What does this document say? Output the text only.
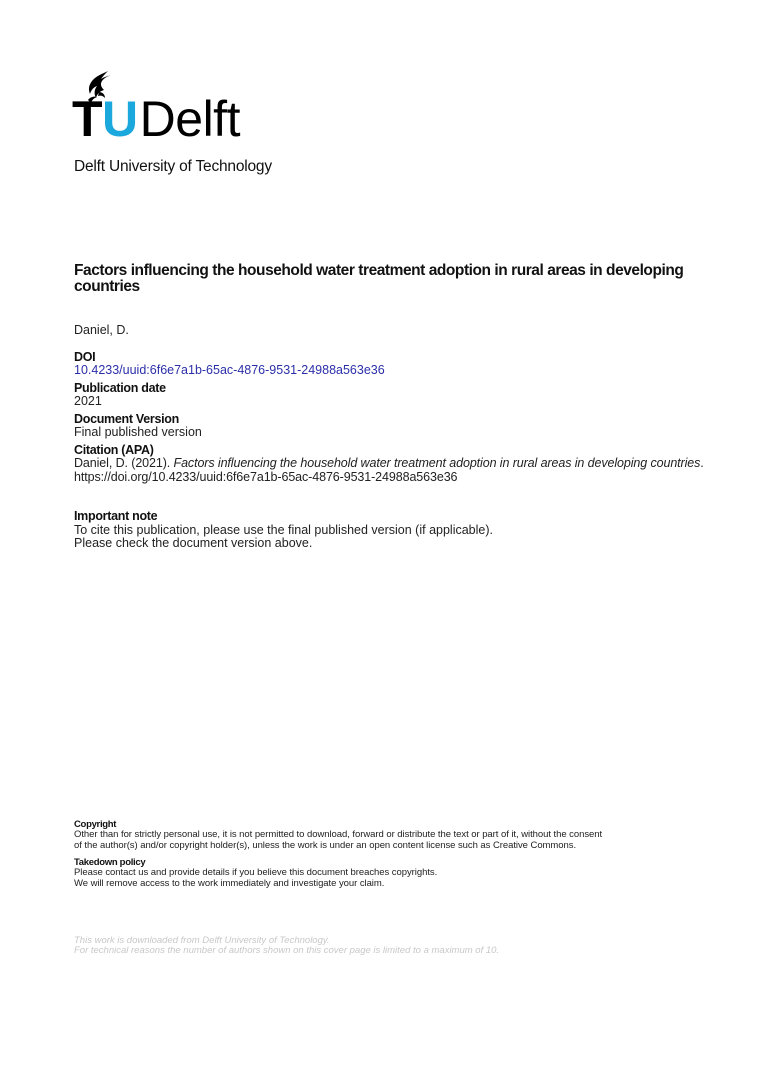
TUDelft
Delft University of Technology
Factors influencing the household water treatment adoption in rural areas in developing countries
Daniel, D.
DOI
10.4233/uuid:6f6e7a1b-65ac-4876-9531-24988a563e36
Publication date
2021
Document Version
Final published version
Citation (APA)
Daniel, D. (2021). Factors influencing the household water treatment adoption in rural areas in developing countries. https://doi.org/10.4233/uuid:6f6e7a1b-65ac-4876-9531-24988a563e36
Important note
To cite this publication, please use the final published version (if applicable).
Please check the document version above.
Copyright
Other than for strictly personal use, it is not permitted to download, forward or distribute the text or part of it, without the consent
of the author(s) and/or copyright holder(s), unless the work is under an open content license such as Creative Commons.
Takedown policy
Please contact us and provide details if you believe this document breaches copyrights.
We will remove access to the work immediately and investigate your claim.
This work is downloaded from Delft University of Technology.
For technical reasons the number of authors shown on this cover page is limited to a maximum of 10.
